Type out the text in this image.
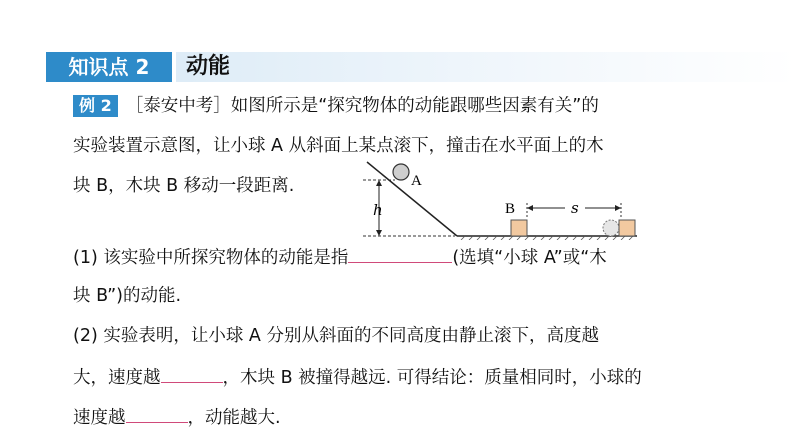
知识点 2	动能
例 2 ［泰安中考］如图所示是“探究物体的动能跟哪些因素有关”的
实验装置示意图，让小球 A 从斜面上某点滚下，撞击在水平面上的木
块 B，木块 B 移动一段距离.
h
A
B	s
(1) 该实验中所探究物体的动能是指	(选填“小球 A”或“木
块 B”)的动能.
(2) 实验表明，让小球 A 分别从斜面的不同高度由静止滚下，高度越
大，速度越	，木块 B 被撞得越远. 可得结论：质量相同时，小球的
速度越	，动能越大.
